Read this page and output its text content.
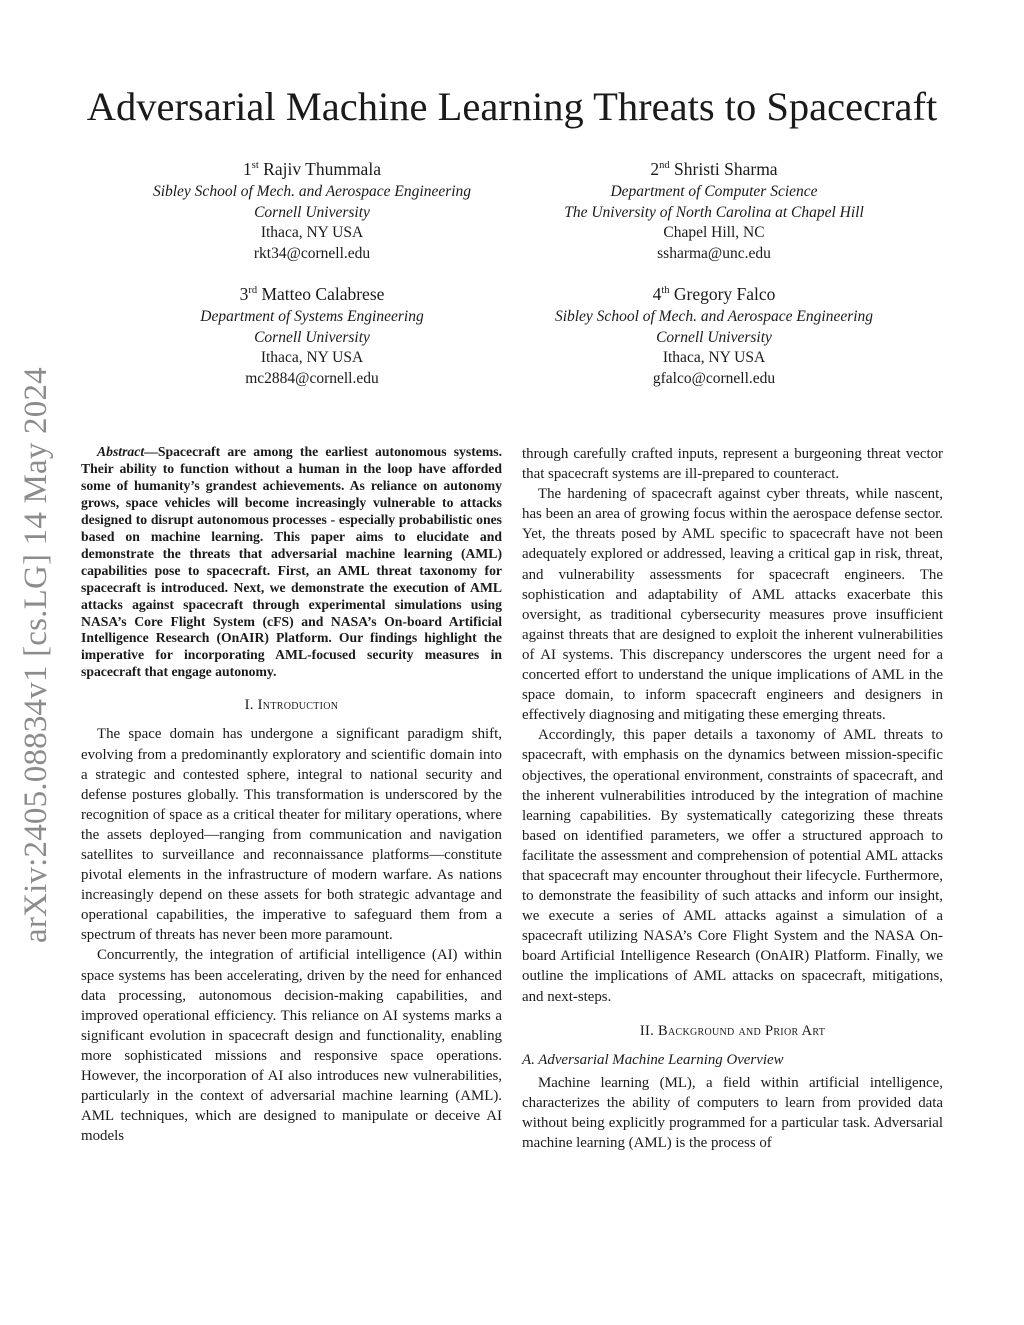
arXiv:2405.08834v1 [cs.LG] 14 May 2024
Adversarial Machine Learning Threats to Spacecraft
1st Rajiv Thummala
Sibley School of Mech. and Aerospace Engineering
Cornell University
Ithaca, NY USA
rkt34@cornell.edu
2nd Shristi Sharma
Department of Computer Science
The University of North Carolina at Chapel Hill
Chapel Hill, NC
ssharma@unc.edu
3rd Matteo Calabrese
Department of Systems Engineering
Cornell University
Ithaca, NY USA
mc2884@cornell.edu
4th Gregory Falco
Sibley School of Mech. and Aerospace Engineering
Cornell University
Ithaca, NY USA
gfalco@cornell.edu

Abstract—Spacecraft are among the earliest autonomous systems. Their ability to function without a human in the loop have afforded some of humanity’s grandest achievements. As reliance on autonomy grows, space vehicles will become increasingly vulnerable to attacks designed to disrupt autonomous processes - especially probabilistic ones based on machine learning. This paper aims to elucidate and demonstrate the threats that adversarial machine learning (AML) capabilities pose to spacecraft. First, an AML threat taxonomy for spacecraft is introduced. Next, we demonstrate the execution of AML attacks against spacecraft through experimental simulations using NASA’s Core Flight System (cFS) and NASA’s On-board Artificial Intelligence Research (OnAIR) Platform. Our findings highlight the imperative for incorporating AML-focused security measures in spacecraft that engage autonomy.

I. Introduction

The space domain has undergone a significant paradigm shift, evolving from a predominantly exploratory and scientific domain into a strategic and contested sphere, integral to national security and defense postures globally. This transformation is underscored by the recognition of space as a critical theater for military operations, where the assets deployed—ranging from communication and navigation satellites to surveillance and reconnaissance platforms—constitute pivotal elements in the infrastructure of modern warfare. As nations increasingly depend on these assets for both strategic advantage and operational capabilities, the imperative to safeguard them from a spectrum of threats has never been more paramount.

Concurrently, the integration of artificial intelligence (AI) within space systems has been accelerating, driven by the need for enhanced data processing, autonomous decision-making capabilities, and improved operational efficiency. This reliance on AI systems marks a significant evolution in spacecraft design and functionality, enabling more sophisticated missions and responsive space operations. However, the incorporation of AI also introduces new vulnerabilities, particularly in the context of adversarial machine learning (AML). AML techniques, which are designed to manipulate or deceive AI models

through carefully crafted inputs, represent a burgeoning threat vector that spacecraft systems are ill-prepared to counteract.

The hardening of spacecraft against cyber threats, while nascent, has been an area of growing focus within the aerospace defense sector. Yet, the threats posed by AML specific to spacecraft have not been adequately explored or addressed, leaving a critical gap in risk, threat, and vulnerability assessments for spacecraft engineers. The sophistication and adaptability of AML attacks exacerbate this oversight, as traditional cybersecurity measures prove insufficient against threats that are designed to exploit the inherent vulnerabilities of AI systems. This discrepancy underscores the urgent need for a concerted effort to understand the unique implications of AML in the space domain, to inform spacecraft engineers and designers in effectively diagnosing and mitigating these emerging threats.

Accordingly, this paper details a taxonomy of AML threats to spacecraft, with emphasis on the dynamics between mission-specific objectives, the operational environment, constraints of spacecraft, and the inherent vulnerabilities introduced by the integration of machine learning capabilities. By systematically categorizing these threats based on identified parameters, we offer a structured approach to facilitate the assessment and comprehension of potential AML attacks that spacecraft may encounter throughout their lifecycle. Furthermore, to demonstrate the feasibility of such attacks and inform our insight, we execute a series of AML attacks against a simulation of a spacecraft utilizing NASA’s Core Flight System and the NASA On-board Artificial Intelligence Research (OnAIR) Platform. Finally, we outline the implications of AML attacks on spacecraft, mitigations, and next-steps.

II. Background and Prior Art
A. Adversarial Machine Learning Overview

Machine learning (ML), a field within artificial intelligence, characterizes the ability of computers to learn from provided data without being explicitly programmed for a particular task. Adversarial machine learning (AML) is the process of
